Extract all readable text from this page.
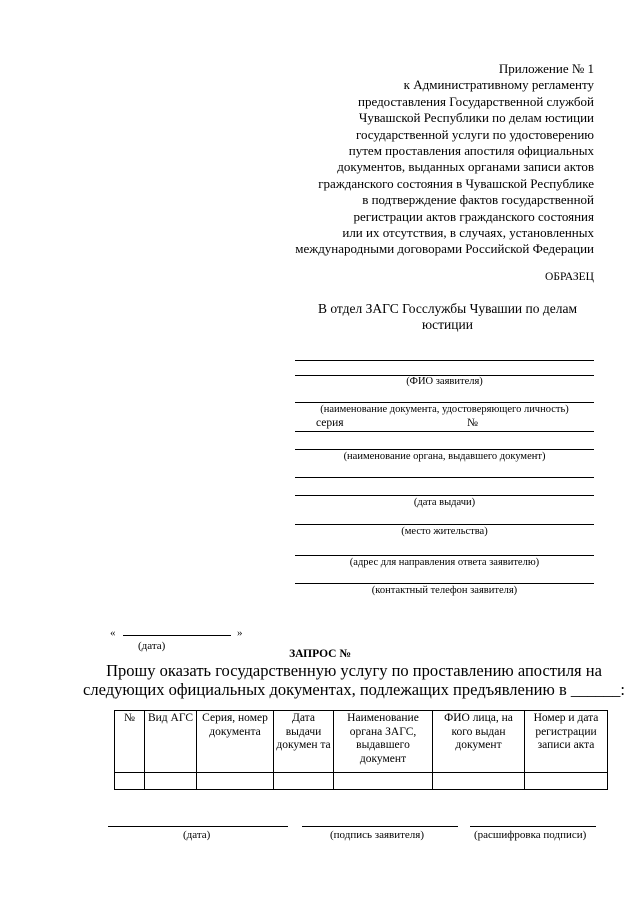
Приложение № 1
к Административному регламенту
предоставления Государственной службой
Чувашской Республики по делам юстиции
государственной услуги по удостоверению
путем проставления апостиля официальных
документов, выданных органами записи актов
гражданского состояния в Чувашской Республике
в подтверждение фактов государственной
регистрации актов гражданского состояния
или их отсутствия, в случаях, установленных
международными договорами Российской Федерации
ОБРАЗЕЦ
В отдел ЗАГС Госслужбы Чувашии по делам
юстиции
(ФИО заявителя)
(наименование документа, удостоверяющего личность)
серия	№
(наименование органа, выдавшего документ)
(дата выдачи)
(место жительства)
(адрес для направления ответа заявителю)
(контактный телефон заявителя)
«	»
(дата)
ЗАПРОС №
Прошу оказать государственную услугу по проставлению апостиля на
следующих официальных документах, подлежащих предъявлению в ______:
№	Вид АГС	Серия, номер документа	Дата выдачи докумен та	Наименование органа ЗАГС, выдавшего документ	ФИО лица, на кого выдан документ	Номер и дата регистрации записи акта

(дата)	(подпись заявителя)	(расшифровка подписи)
